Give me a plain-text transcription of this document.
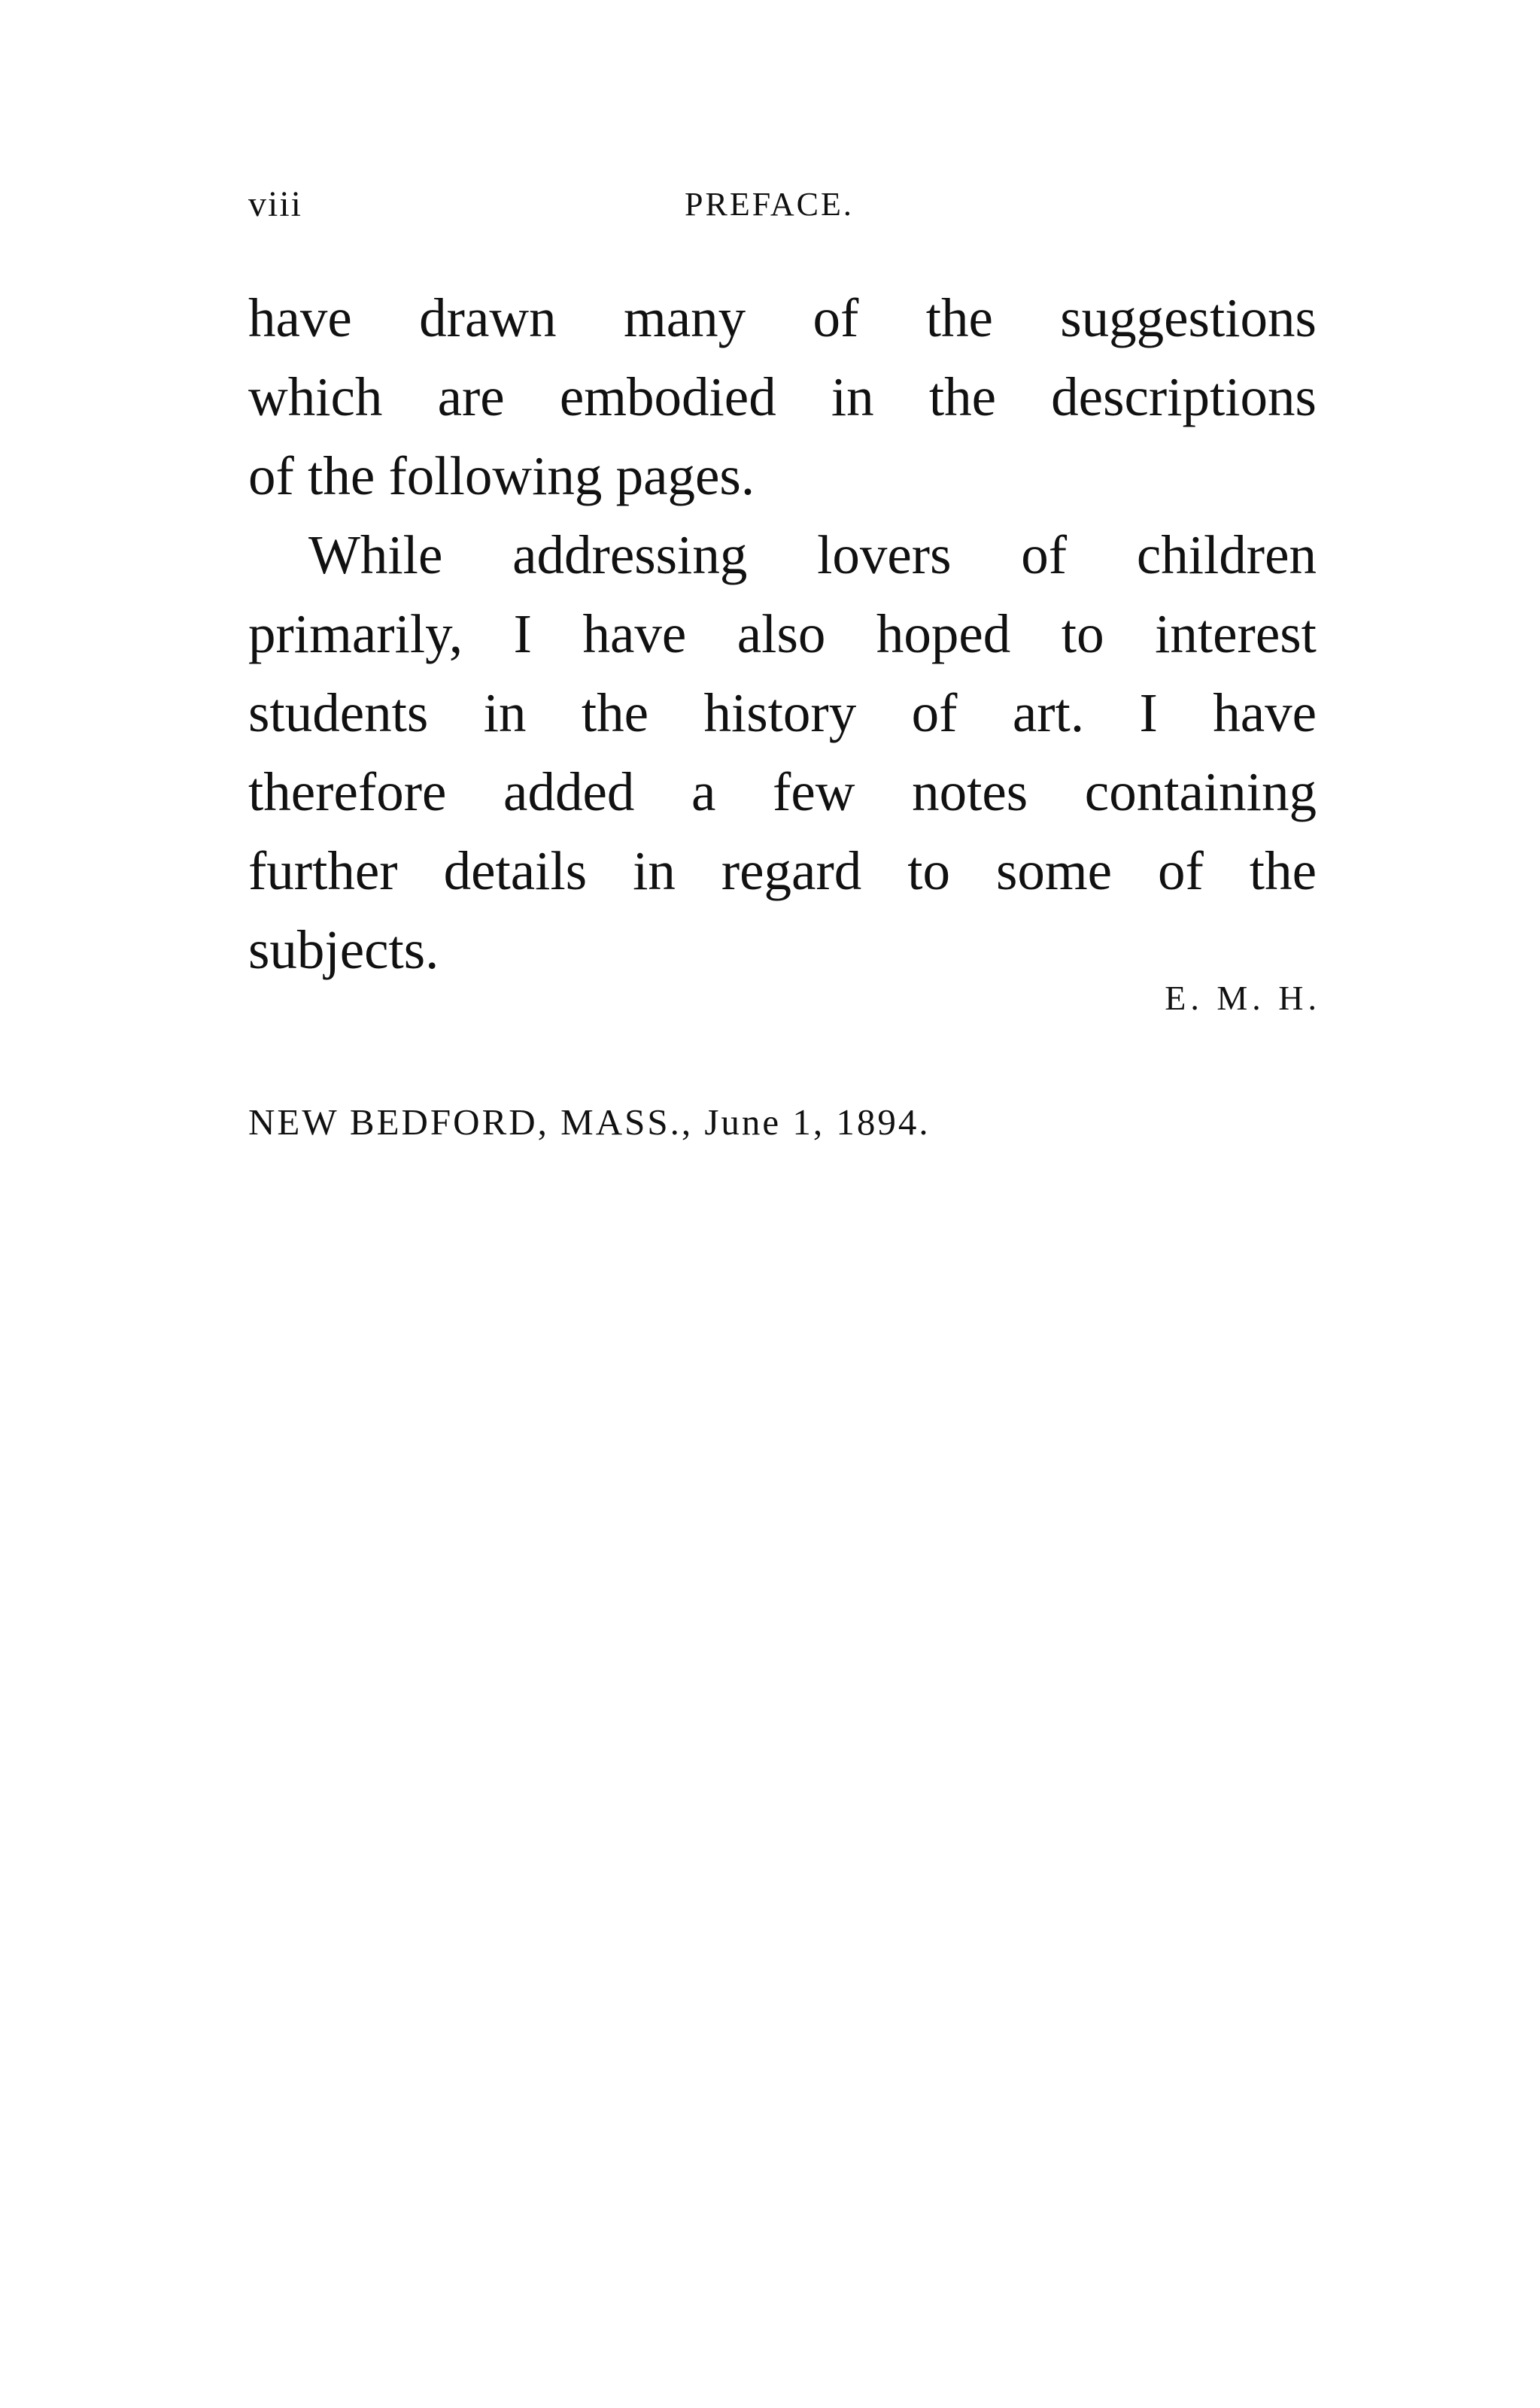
viii	PREFACE.
have drawn many of the suggestions
which are embodied in the descriptions
of the following pages.
While addressing lovers of children
primarily, I have also hoped to interest
students in the history of art. I have
therefore added a few notes containing
further details in regard to some of the
subjects.
E. M. H.
NEW BEDFORD, MASS., June 1, 1894.
